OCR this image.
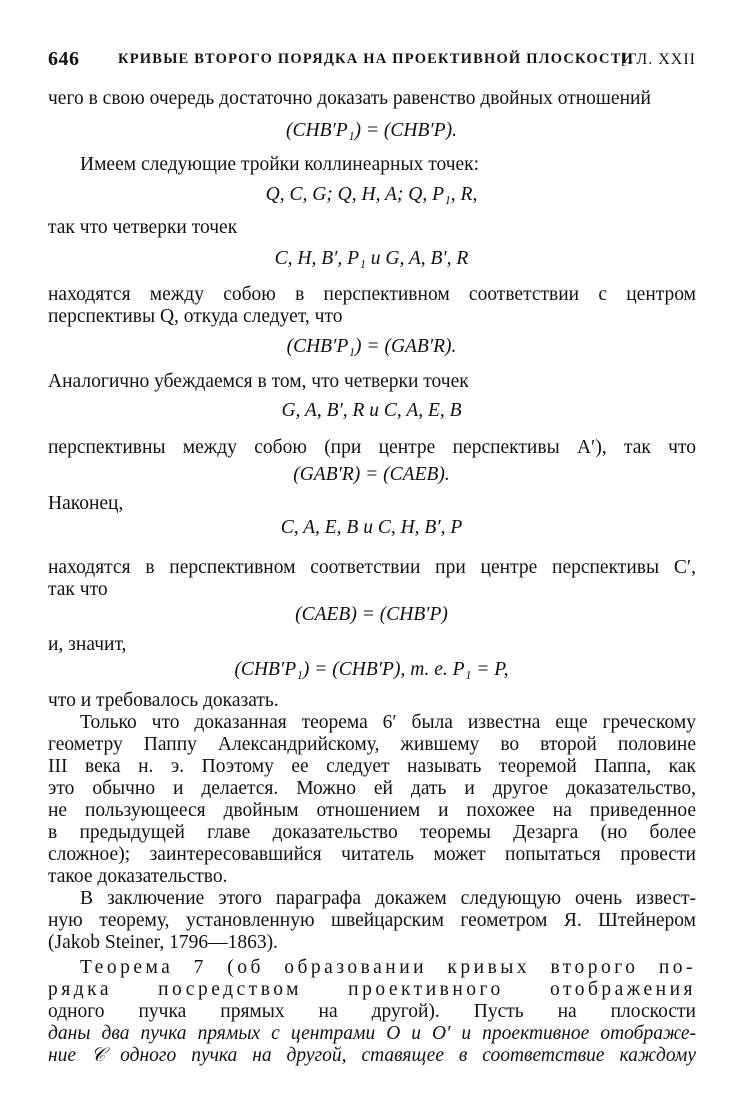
646	КРИВЫЕ ВТОРОГО ПОРЯДКА НА ПРОЕКТИВНОЙ ПЛОСКОСТИ
[ГЛ. XXII
чего в свою очередь достаточно доказать равенство двойных отношений
(CHB′P₁) = (CHB′P).
Имеем следующие тройки коллинеарных точек:
Q, C, G; Q, H, A; Q, P₁, R,
так что четверки точек
C, H, B′, P₁ и G, A, B′, R
находятся между собою в перспективном соответствии с центром
перспективы Q, откуда следует, что
(CHB′P₁) = (GAB′R).
Аналогично убеждаемся в том, что четверки точек
G, A, B′, R и C, A, E, B
перспективны между собою (при центре перспективы A′), так что
(GAB′R) = (CAEB).
Наконец,
C, A, E, B и C, H, B′, P
находятся в перспективном соответствии при центре перспективы C′,
так что
(CAEB) = (CHB′P)
и, значит,
(CHB′P₁) = (CHB′P), т. е. P₁ = P,
что и требовалось доказать.
Только что доказанная теорема 6′ была известна еще греческому
геометру Паппу Александрийскому, жившему во второй половине
III века н. э. Поэтому ее следует называть теоремой Паппа, как
это обычно и делается. Можно ей дать и другое доказательство,
не пользующееся двойным отношением и похожее на приведенное
в предыдущей главе доказательство теоремы Дезарга (но более
сложное); заинтересовавшийся читатель может попытаться провести
такое доказательство.
В заключение этого параграфа докажем следующую очень извест-
ную теорему, установленную швейцарским геометром Я. Штейнером
(Jakob Steiner, 1796—1863).
Теорема 7 (об образовании кривых второго по-
рядка посредством проективного отображения
одного пучка прямых на другой). Пусть на плоскости
даны два пучка прямых с центрами O и O′ и проективное отображе-
ние 𝒞 одного пучка на другой, ставящее в соответствие каждому
